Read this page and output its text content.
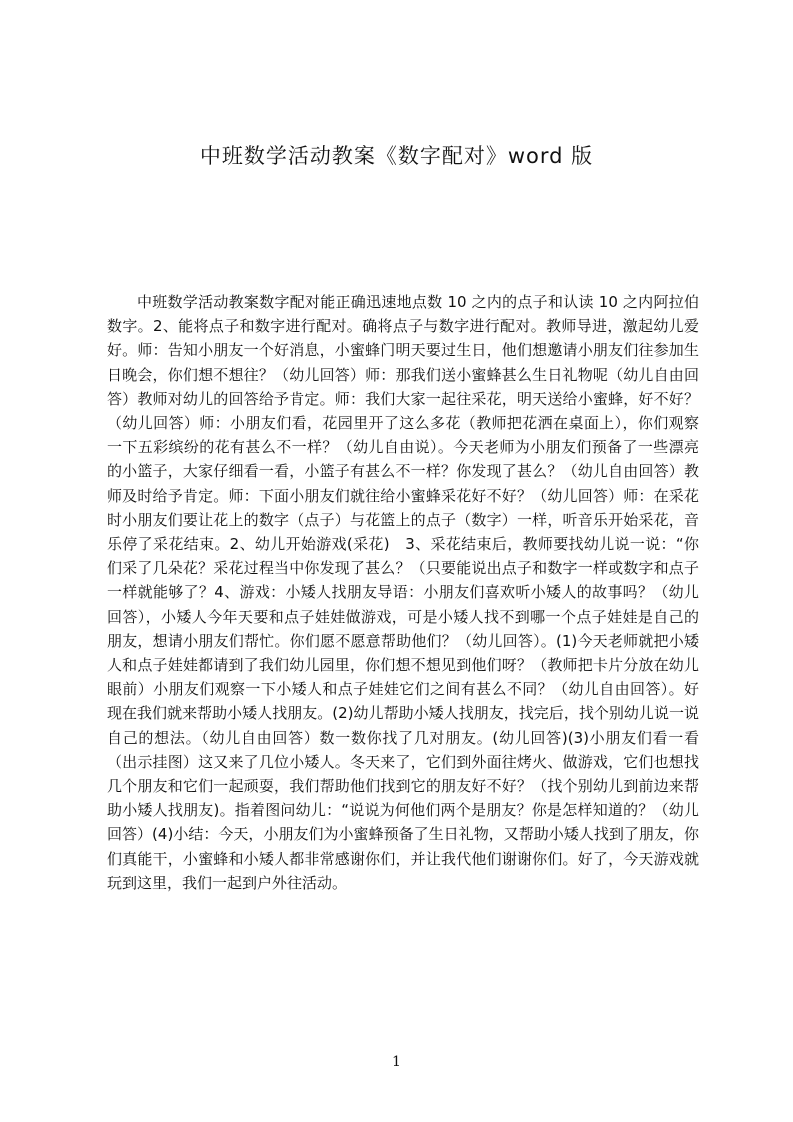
中班数学活动教案《数字配对》word 版

中班数学活动教案数字配对能正确迅速地点数 10 之内的点子和认读 10 之内阿拉伯数字。2、能将点子和数字进行配对。确将点子与数字进行配对。教师导进，激起幼儿爱好。师：告知小朋友一个好消息，小蜜蜂门明天要过生日，他们想邀请小朋友们往参加生日晚会，你们想不想往？（幼儿回答）师：那我们送小蜜蜂甚么生日礼物呢（幼儿自由回答）教师对幼儿的回答给予肯定。师：我们大家一起往采花，明天送给小蜜蜂，好不好？（幼儿回答）师：小朋友们看，花园里开了这么多花（教师把花洒在桌面上），你们观察一下五彩缤纷的花有甚么不一样？（幼儿自由说）。今天老师为小朋友们预备了一些漂亮的小篮子，大家仔细看一看，小篮子有甚么不一样？你发现了甚么？（幼儿自由回答）教师及时给予肯定。师：下面小朋友们就往给小蜜蜂采花好不好？（幼儿回答）师：在采花时小朋友们要让花上的数字（点子）与花篮上的点子（数字）一样，听音乐开始采花，音乐停了采花结束。2、幼儿开始游戏(采花)　3、采花结束后，教师要找幼儿说一说：“你们采了几朵花？采花过程当中你发现了甚么？（只要能说出点子和数字一样或数字和点子一样就能够了？4、游戏：小矮人找朋友导语：小朋友们喜欢听小矮人的故事吗？（幼儿回答），小矮人今年天要和点子娃娃做游戏，可是小矮人找不到哪一个点子娃娃是自己的朋友，想请小朋友们帮忙。你们愿不愿意帮助他们？（幼儿回答）。(1)今天老师就把小矮人和点子娃娃都请到了我们幼儿园里，你们想不想见到他们呀？（教师把卡片分放在幼儿眼前）小朋友们观察一下小矮人和点子娃娃它们之间有甚么不同？（幼儿自由回答）。好现在我们就来帮助小矮人找朋友。(2)幼儿帮助小矮人找朋友，找完后，找个别幼儿说一说自己的想法。（幼儿自由回答）数一数你找了几对朋友。(幼儿回答)(3)小朋友们看一看（出示挂图）这又来了几位小矮人。冬天来了，它们到外面往烤火、做游戏，它们也想找几个朋友和它们一起顽耍，我们帮助他们找到它的朋友好不好？（找个别幼儿到前边来帮助小矮人找朋友)。指着图问幼儿：“说说为何他们两个是朋友？你是怎样知道的？（幼儿回答）(4)小结：今天，小朋友们为小蜜蜂预备了生日礼物，又帮助小矮人找到了朋友，你们真能干，小蜜蜂和小矮人都非常感谢你们，并让我代他们谢谢你们。好了，今天游戏就玩到这里，我们一起到户外往活动。

1
